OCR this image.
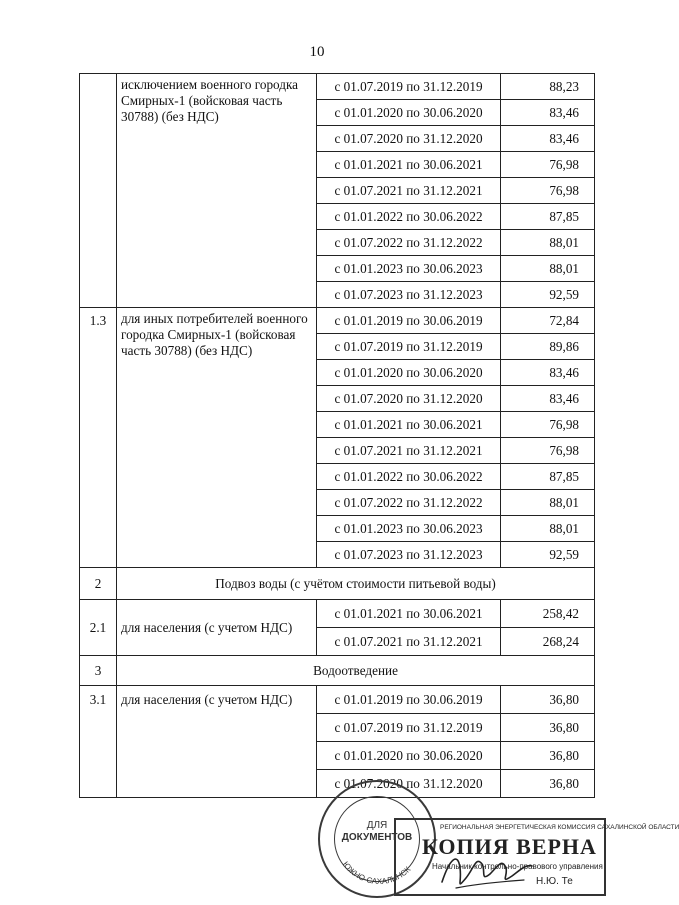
10
	исключением военного городка Смирных-1 (войсковая часть 30788) (без НДС)	с 01.07.2019 по 31.12.2019	88,23
		с 01.01.2020 по 30.06.2020	83,46
		с 01.07.2020 по 31.12.2020	83,46
		с 01.01.2021 по 30.06.2021	76,98
		с 01.07.2021 по 31.12.2021	76,98
		с 01.01.2022 по 30.06.2022	87,85
		с 01.07.2022 по 31.12.2022	88,01
		с 01.01.2023 по 30.06.2023	88,01
		с 01.07.2023 по 31.12.2023	92,59
1.3	для иных потребителей военного городка Смирных-1 (войсковая часть 30788) (без НДС)	с 01.01.2019 по 30.06.2019	72,84
		с 01.07.2019 по 31.12.2019	89,86
		с 01.01.2020 по 30.06.2020	83,46
		с 01.07.2020 по 31.12.2020	83,46
		с 01.01.2021 по 30.06.2021	76,98
		с 01.07.2021 по 31.12.2021	76,98
		с 01.01.2022 по 30.06.2022	87,85
		с 01.07.2022 по 31.12.2022	88,01
		с 01.01.2023 по 30.06.2023	88,01
		с 01.07.2023 по 31.12.2023	92,59
2	Подвоз воды (с учётом стоимости питьевой воды)		
2.1	для населения (с учетом НДС)	с 01.01.2021 по 30.06.2021	258,42
		с 01.07.2021 по 31.12.2021	268,24
3	Водоотведение		
3.1	для населения (с учетом НДС)	с 01.01.2019 по 30.06.2019	36,80
		с 01.07.2019 по 31.12.2019	36,80
		с 01.01.2020 по 30.06.2020	36,80
		с 01.07.2020 по 31.12.2020	36,80
ЮЖНО-САХАЛИНСК
ДЛЯ
ДОКУМЕНТОВ
РЕГИОНАЛЬНАЯ ЭНЕРГЕТИЧЕСКАЯ КОМИССИЯ САХАЛИНСКОЙ ОБЛАСТИ
КОПИЯ ВЕРНА
Начальник контрольно-правового управления
Н.Ю. Те
